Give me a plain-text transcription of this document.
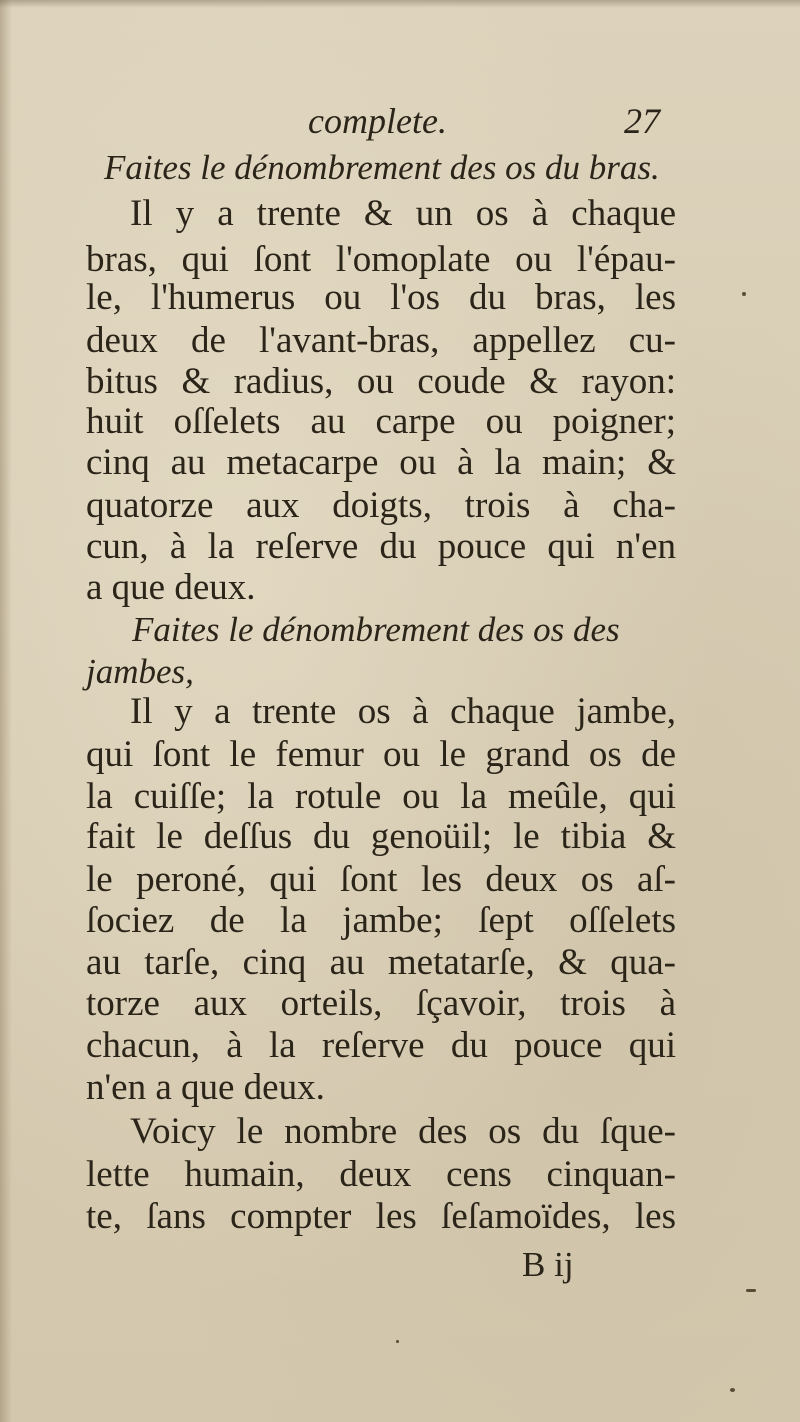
complete.	27
Faites le dénombrement des os du bras.
Il y a trente & un os à chaque
bras, qui ſont l'omoplate ou l'épau-
le, l'humerus ou l'os du bras, les
deux de l'avant-bras, appellez cu-
bitus & radius, ou coude & rayon:
huit oſſelets au carpe ou poigner;
cinq au metacarpe ou à la main; &
quatorze aux doigts, trois à cha-
cun, à la reſerve du pouce qui n'en
a que deux.
Faites le dénombrement des os des
jambes,
Il y a trente os à chaque jambe,
qui ſont le femur ou le grand os de
la cuiſſe; la rotule ou la meûle, qui
fait le deſſus du genoüil; le tibia &
le peroné, qui ſont les deux os aſ-
ſociez de la jambe; ſept oſſelets
au tarſe, cinq au metatarſe, & qua-
torze aux orteils, ſçavoir, trois à
chacun, à la reſerve du pouce qui
n'en a que deux.
Voicy le nombre des os du ſque-
lette humain, deux cens cinquan-
te, ſans compter les ſeſamoïdes, les
B ij
